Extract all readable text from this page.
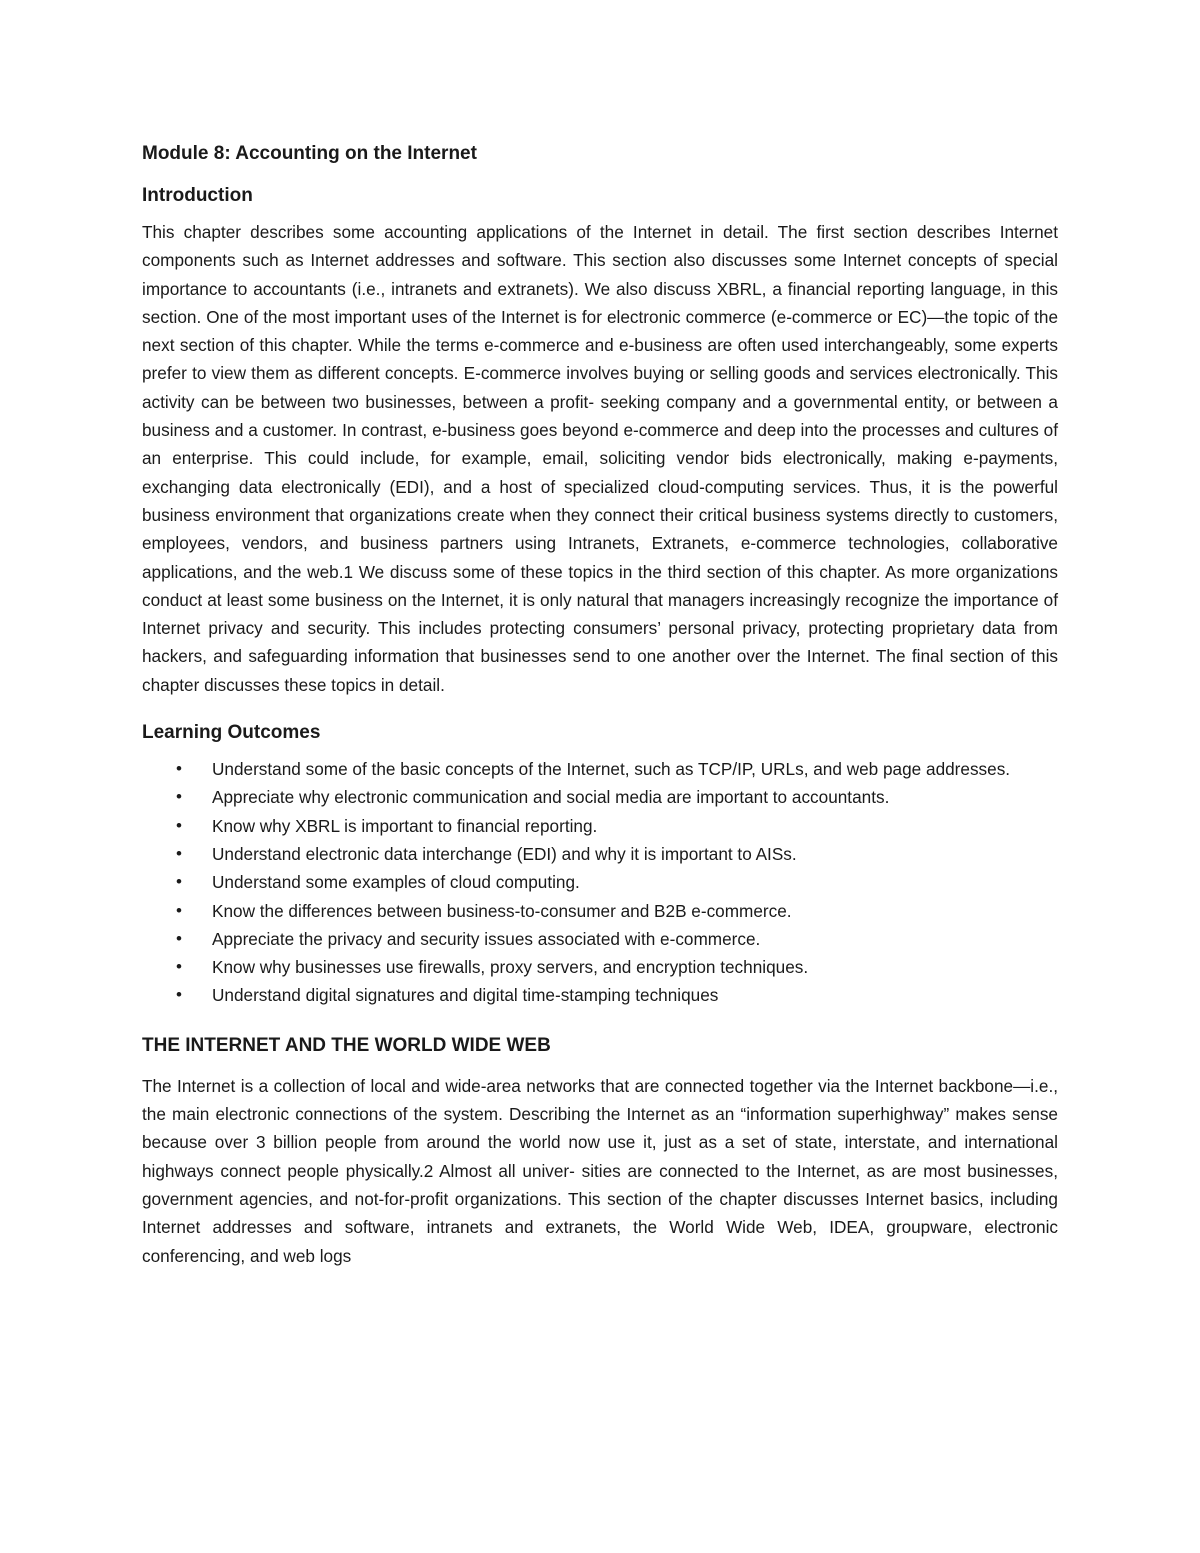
Module 8: Accounting on the Internet
Introduction

This chapter describes some accounting applications of the Internet in detail. The first section describes Internet components such as Internet addresses and software. This section also discusses some Internet concepts of special importance to accountants (i.e., intranets and extranets). We also discuss XBRL, a financial reporting language, in this section. One of the most important uses of the Internet is for electronic commerce (e-commerce or EC)—the topic of the next section of this chapter. While the terms e-commerce and e-business are often used interchangeably, some experts prefer to view them as different concepts. E-commerce involves buying or selling goods and services electronically. This activity can be between two businesses, between a profit- seeking company and a governmental entity, or between a business and a customer. In contrast, e-business goes beyond e-commerce and deep into the processes and cultures of an enterprise. This could include, for example, email, soliciting vendor bids electronically, making e-payments, exchanging data electronically (EDI), and a host of specialized cloud-computing services. Thus, it is the powerful business environment that organizations create when they connect their critical business systems directly to customers, employees, vendors, and business partners using Intranets, Extranets, e-commerce technologies, collaborative applications, and the web.1 We discuss some of these topics in the third section of this chapter. As more organizations conduct at least some business on the Internet, it is only natural that managers increasingly recognize the importance of Internet privacy and security. This includes protecting consumers’ personal privacy, protecting proprietary data from hackers, and safeguarding information that businesses send to one another over the Internet. The final section of this chapter discusses these topics in detail.

Learning Outcomes
• Understand some of the basic concepts of the Internet, such as TCP/IP, URLs, and web page addresses.
• Appreciate why electronic communication and social media are important to accountants.
• Know why XBRL is important to financial reporting.
• Understand electronic data interchange (EDI) and why it is important to AISs.
• Understand some examples of cloud computing.
• Know the differences between business-to-consumer and B2B e-commerce.
• Appreciate the privacy and security issues associated with e-commerce.
• Know why businesses use firewalls, proxy servers, and encryption techniques.
• Understand digital signatures and digital time-stamping techniques
THE INTERNET AND THE WORLD WIDE WEB

The Internet is a collection of local and wide-area networks that are connected together via the Internet backbone—i.e., the main electronic connections of the system. Describing the Internet as an “information superhighway” makes sense because over 3 billion people from around the world now use it, just as a set of state, interstate, and international highways connect people physically.2 Almost all univer- sities are connected to the Internet, as are most businesses, government agencies, and not-for-profit organizations. This section of the chapter discusses Internet basics, including Internet addresses and software, intranets and extranets, the World Wide Web, IDEA, groupware, electronic conferencing, and web logs
